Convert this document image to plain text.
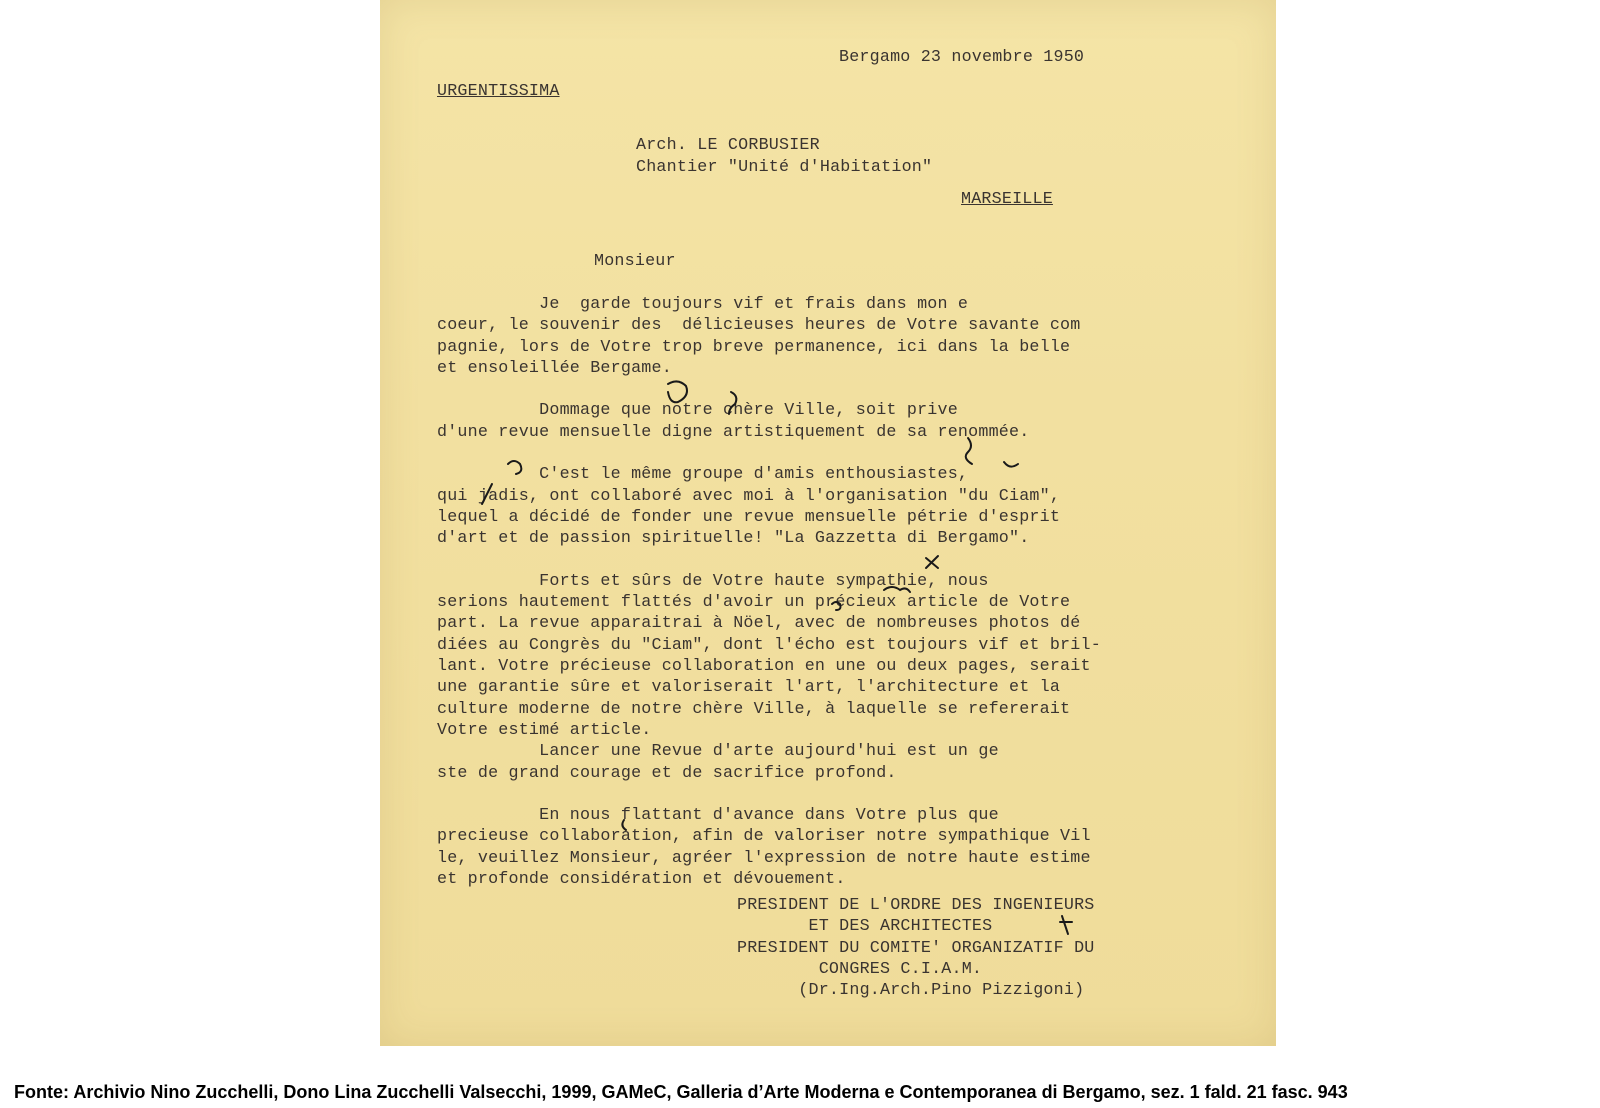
Bergamo 23 novembre 1950
URGENTISSIMA
Arch. LE CORBUSIER
Chantier "Unité d'Habitation"
MARSEILLE
Monsieur
Je  garde toujours vif et frais dans mon e
coeur, le souvenir des  délicieuses heures de Votre savante com
pagnie, lors de Votre trop breve permanence, ici dans la belle
et ensoleillée Bergame.

Dommage que notre chère Ville, soit prive
d'une revue mensuelle digne artistiquement de sa renommée.

C'est le même groupe d'amis enthousiastes,
qui jadis, ont collaboré avec moi à l'organisation "du Ciam",
lequel a décidé de fonder une revue mensuelle pétrie d'esprit
d'art et de passion spirituelle! "La Gazzetta di Bergamo".

Forts et sûrs de Votre haute sympathie, nous
serions hautement flattés d'avoir un précieux article de Votre
part. La revue apparaitrai à Nöel, avec de nombreuses photos dé
diées au Congrès du "Ciam", dont l'écho est toujours vif et bril-
lant. Votre précieuse collaboration en une ou deux pages, serait
une garantie sûre et valoriserait l'art, l'architecture et la
culture moderne de notre chère Ville, à laquelle se refererait
Votre estimé article.
Lancer une Revue d'arte aujourd'hui est un ge
ste de grand courage et de sacrifice profond.

En nous flattant d'avance dans Votre plus que
precieuse collaboration, afin de valoriser notre sympathique Vil
le, veuillez Monsieur, agréer l'expression de notre haute estime
et profonde considération et dévouement.
PRESIDENT DE L'ORDRE DES INGENIEURS
ET DES ARCHITECTES
PRESIDENT DU COMITE' ORGANIZATIF DU
CONGRES C.I.A.M.
(Dr.Ing.Arch.Pino Pizzigoni)
Fonte: Archivio Nino Zucchelli, Dono Lina Zucchelli Valsecchi, 1999, GAMeC, Galleria d’Arte Moderna e Contemporanea di Bergamo, sez. 1 fald. 21 fasc. 943
